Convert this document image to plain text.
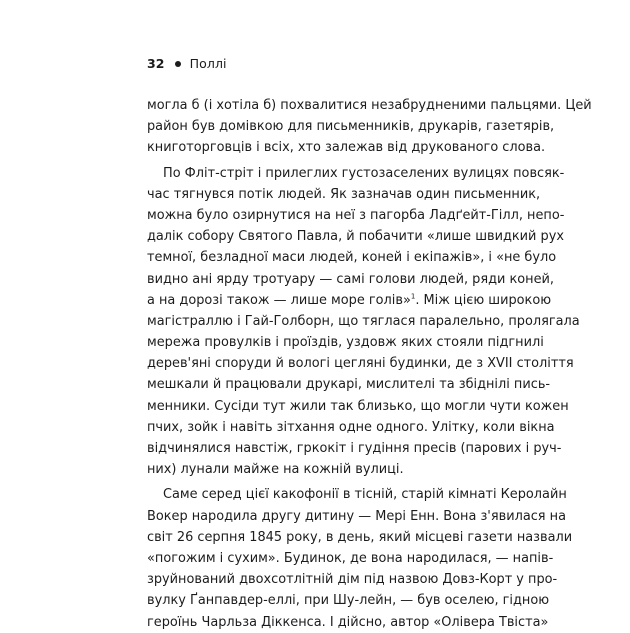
32 Поллі
могла б (і хотіла б) похвалитися незабрудненими пальцями. Цей
район був домівкою для письменників, друкарів, газетярів,
книготорговців і всіх, хто залежав від друкованого слова.
По Фліт-стріт і прилеглих густозаселених вулицях повсяк-
час тягнувся потік людей. Як зазначав один письменник,
можна було озирнутися на неї з пагорба Ладґейт-Гілл, непо-
далік собору Святого Павла, й побачити «лише швидкий рух
темної, безладної маси людей, коней і екіпажів», і «не було
видно ані ярду тротуару — самі голови людей, ряди коней,
а на дорозі також — лише море голів»$^1$. Між цією широкою
магістраллю і Гай-Голборн, що тяглася паралельно, пролягала
мережа провулків і проїздів, уздовж яких стояли підгнилі
дерев'яні споруди й вологі цегляні будинки, де з XVII століття
мешкали й працювали друкарі, мислителі та збіднілі пись-
менники. Сусіди тут жили так близько, що могли чути кожен
пчих, зойк і навіть зітхання одне одного. Улітку, коли вікна
відчинялися навстіж, гркокіт і гудіння пресів (парових і руч-
них) лунали майже на кожній вулиці.
Саме серед цієї какофонії в тісній, старій кімнаті Керолайн
Вокер народила другу дитину — Мері Енн. Вона з'явилася на
світ 26 серпня 1845 року, в день, який місцеві газети назвали
«погожим і сухим». Будинок, де вона народилася, — напів-
зруйнований двохсотлітній дім під назвою Довз-Корт у про-
вулку Ґанпавдер-еллі, при Шу-лейн, — був оселею, гідною
героїнь Чарльза Діккенса. І дійсно, автор «Олівера Твіста»
